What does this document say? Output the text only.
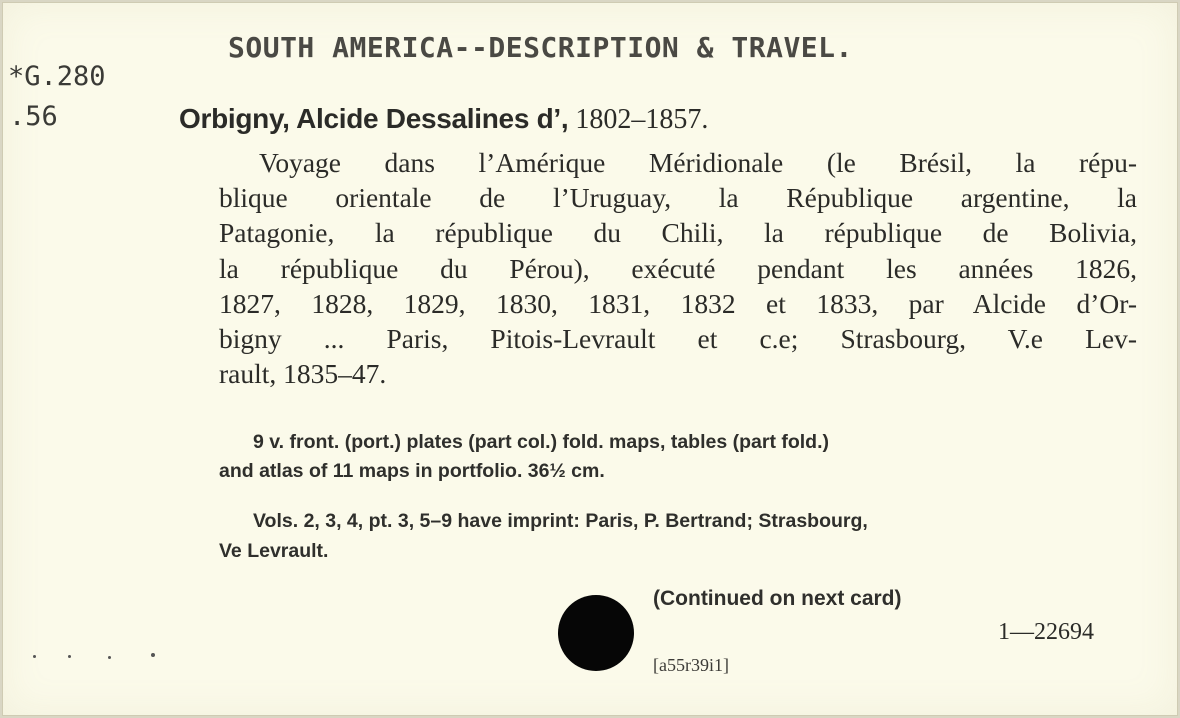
SOUTH AMERICA--DESCRIPTION & TRAVEL.
*G.280
.56	Orbigny, Alcide Dessalines d’, 1802–1857.
Voyage dans l’Amérique Méridionale (le Brésil, la répu-
blique orientale de l’Uruguay, la République argentine, la
Patagonie, la république du Chili, la république de Bolivia,
la république du Pérou), exécuté pendant les années 1826,
1827, 1828, 1829, 1830, 1831, 1832 et 1833, par Alcide d’Or-
bigny ... Paris, Pitois-Levrault et c.e; Strasbourg, V.e Lev-
rault, 1835–47.
9 v. front. (port.) plates (part col.) fold. maps, tables (part fold.)
and atlas of 11 maps in portfolio. 36½ cm.
Vols. 2, 3, 4, pt. 3, 5–9 have imprint: Paris, P. Bertrand; Strasbourg,
Ve Levrault.
(Continued on next card)
1—22694
[a55r39i1]
